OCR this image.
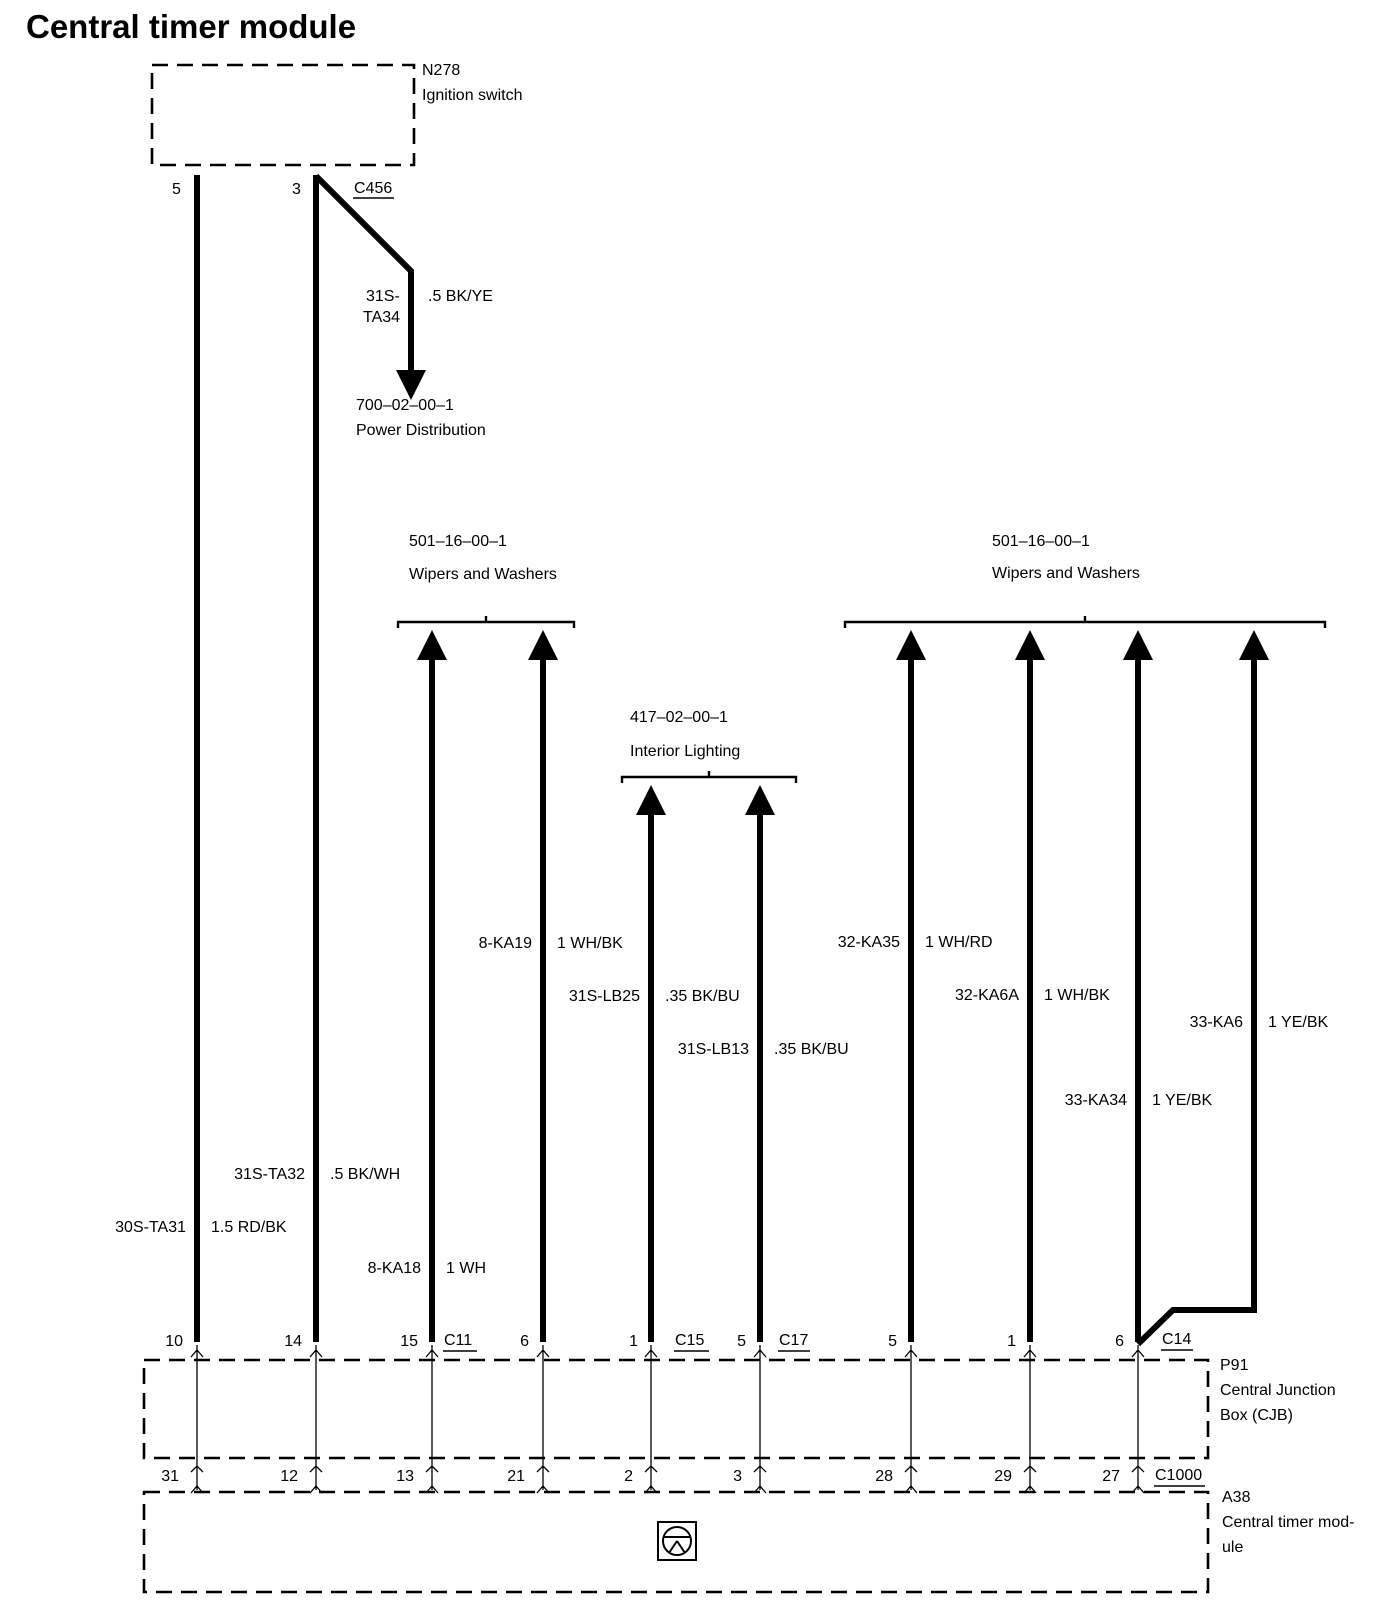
Central timer module
N278
Ignition switch
5	3	C456
31S-
TA34
.5 BK/YE
700–02–00–1
Power Distribution
501–16–00–1
Wipers and Washers
501–16–00–1
Wipers and Washers
417–02–00–1
Interior Lighting
30S-TA31 1.5 RD/BK
31S-TA32 .5 BK/WH
8-KA18 1 WH
8-KA19 1 WH/BK
31S-LB25 .35 BK/BU
31S-LB13 .35 BK/BU
32-KA35 1 WH/RD
32-KA6A 1 WH/BK
33-KA34 1 YE/BK
33-KA6 1 YE/BK
10	14	15 C11	6	1 C15 5 C17	5	1	6 C14
P91
Central Junction
Box (CJB)
31	12	13	21	2	3	28	29	27 C1000
A38
Central timer mod-
ule
